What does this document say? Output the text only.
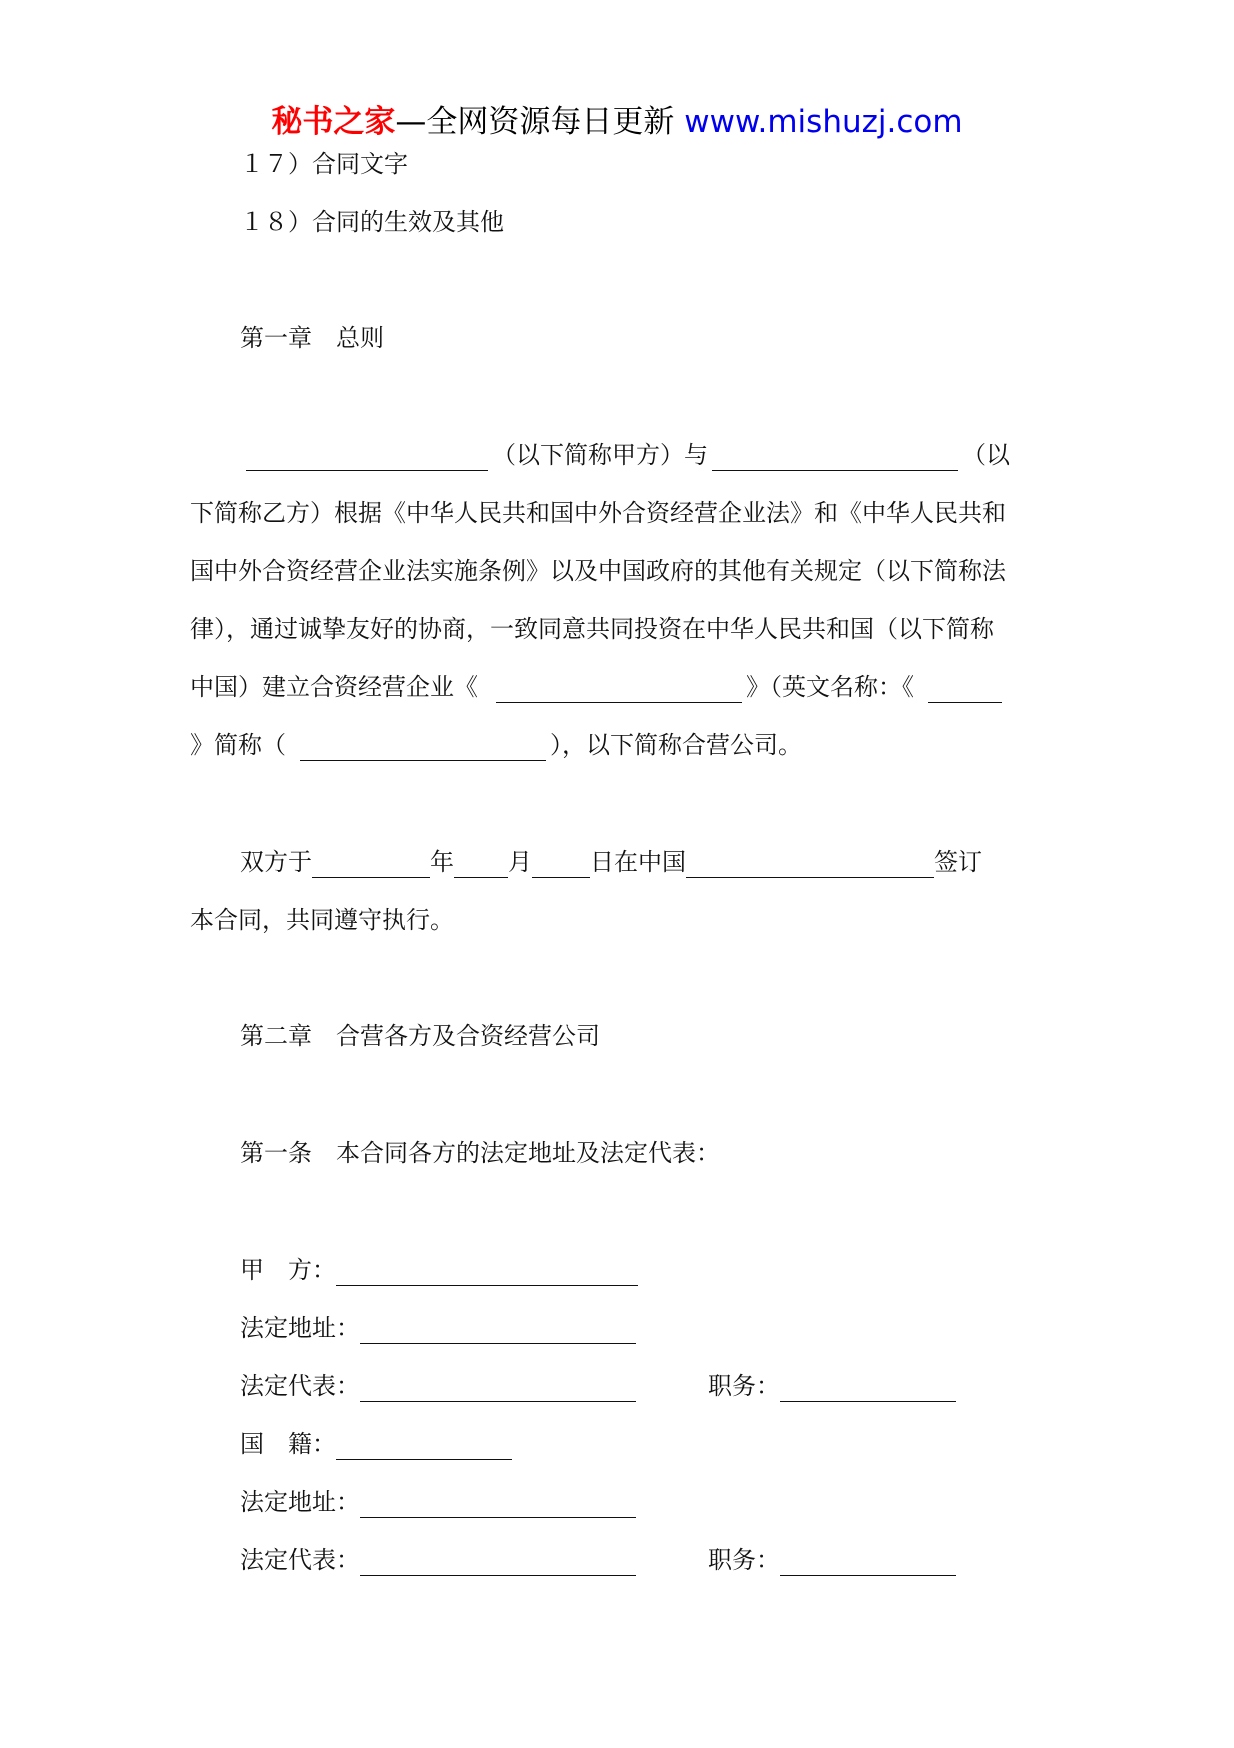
秘书之家—全网资源每日更新 www.mishuzj.com
１７）合同文字
１８）合同的生效及其他
第一章 总则
（以下简称甲方）与	（以
下简称乙方）根据《中华人民共和国中外合资经营企业法》和《中华人民共和
国中外合资经营企业法实施条例》以及中国政府的其他有关规定（以下简称法
律），通过诚挚友好的协商，一致同意共同投资在中华人民共和国（以下简称
中国）建立合资经营企业《	》（英文名称：《
》简称（	），以下简称合营公司。
双方于	年 月 日在中国	签订
本合同，共同遵守执行。
第二章 合营各方及合资经营公司
第一条 本合同各方的法定地址及法定代表：
甲　方：
法定地址：
法定代表：	职务：
国　籍：
法定地址：
法定代表：	职务：
